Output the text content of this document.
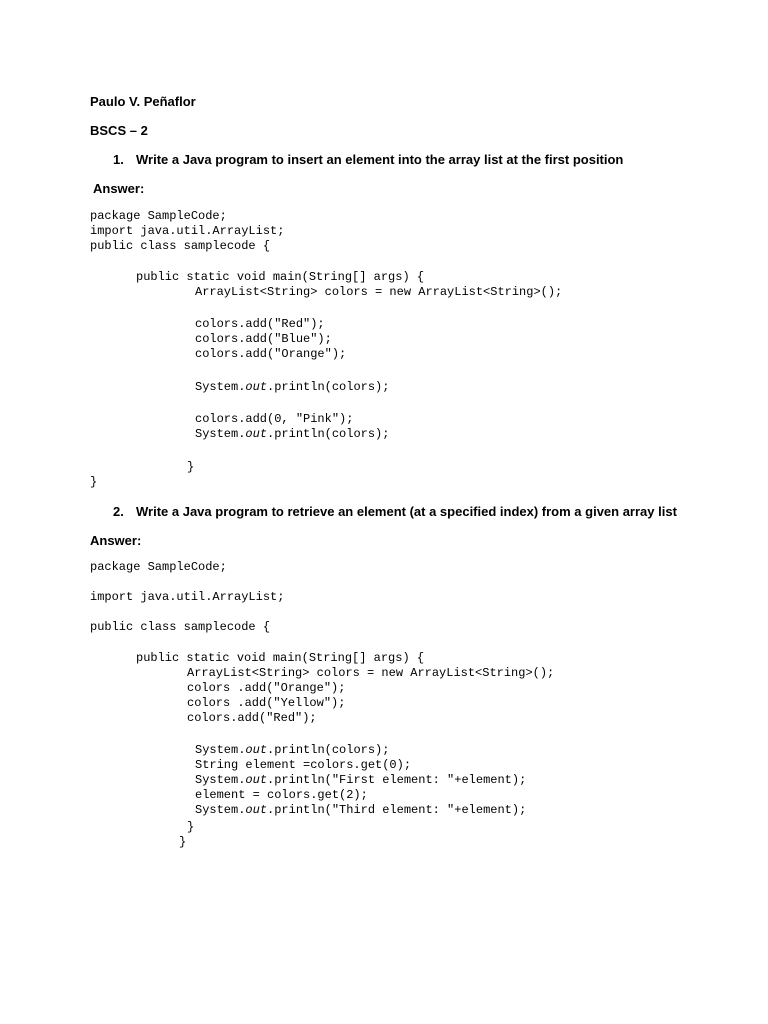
Paulo V. Peñaflor
BSCS – 2
1. Write a Java program to insert an element into the array list at the first position
Answer:
package SampleCode;
import java.util.ArrayList;
public class samplecode {
public static void main(String[] args) {
ArrayList<String> colors = new ArrayList<String>();
colors.add("Red");
colors.add("Blue");
colors.add("Orange");
System.out.println(colors);
colors.add(0, "Pink");
System.out.println(colors);
}
}
2. Write a Java program to retrieve an element (at a specified index) from a given array list
Answer:
package SampleCode;
import java.util.ArrayList;
public class samplecode {
public static void main(String[] args) {
ArrayList<String> colors = new ArrayList<String>();
colors .add("Orange");
colors .add("Yellow");
colors.add("Red");
System.out.println(colors);
String element =colors.get(0);
System.out.println("First element: "+element);
element = colors.get(2);
System.out.println("Third element: "+element);
}
}
